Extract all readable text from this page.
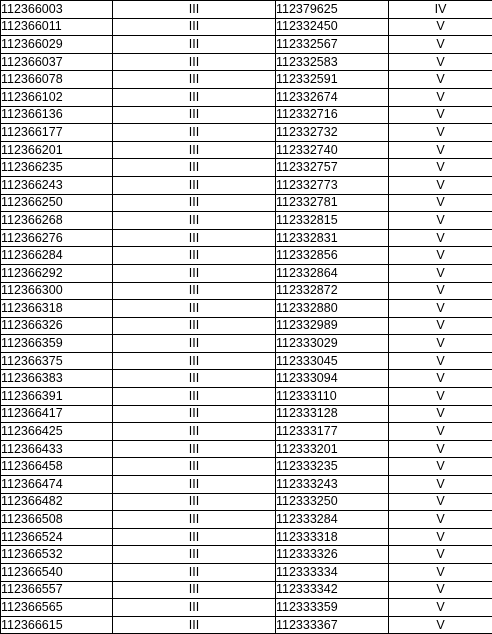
112366003	III	112379625	IV
112366011	III	112332450	V
112366029	III	112332567	V
112366037	III	112332583	V
112366078	III	112332591	V
112366102	III	112332674	V
112366136	III	112332716	V
112366177	III	112332732	V
112366201	III	112332740	V
112366235	III	112332757	V
112366243	III	112332773	V
112366250	III	112332781	V
112366268	III	112332815	V
112366276	III	112332831	V
112366284	III	112332856	V
112366292	III	112332864	V
112366300	III	112332872	V
112366318	III	112332880	V
112366326	III	112332989	V
112366359	III	112333029	V
112366375	III	112333045	V
112366383	III	112333094	V
112366391	III	112333110	V
112366417	III	112333128	V
112366425	III	112333177	V
112366433	III	112333201	V
112366458	III	112333235	V
112366474	III	112333243	V
112366482	III	112333250	V
112366508	III	112333284	V
112366524	III	112333318	V
112366532	III	112333326	V
112366540	III	112333334	V
112366557	III	112333342	V
112366565	III	112333359	V
112366615	III	112333367	V
